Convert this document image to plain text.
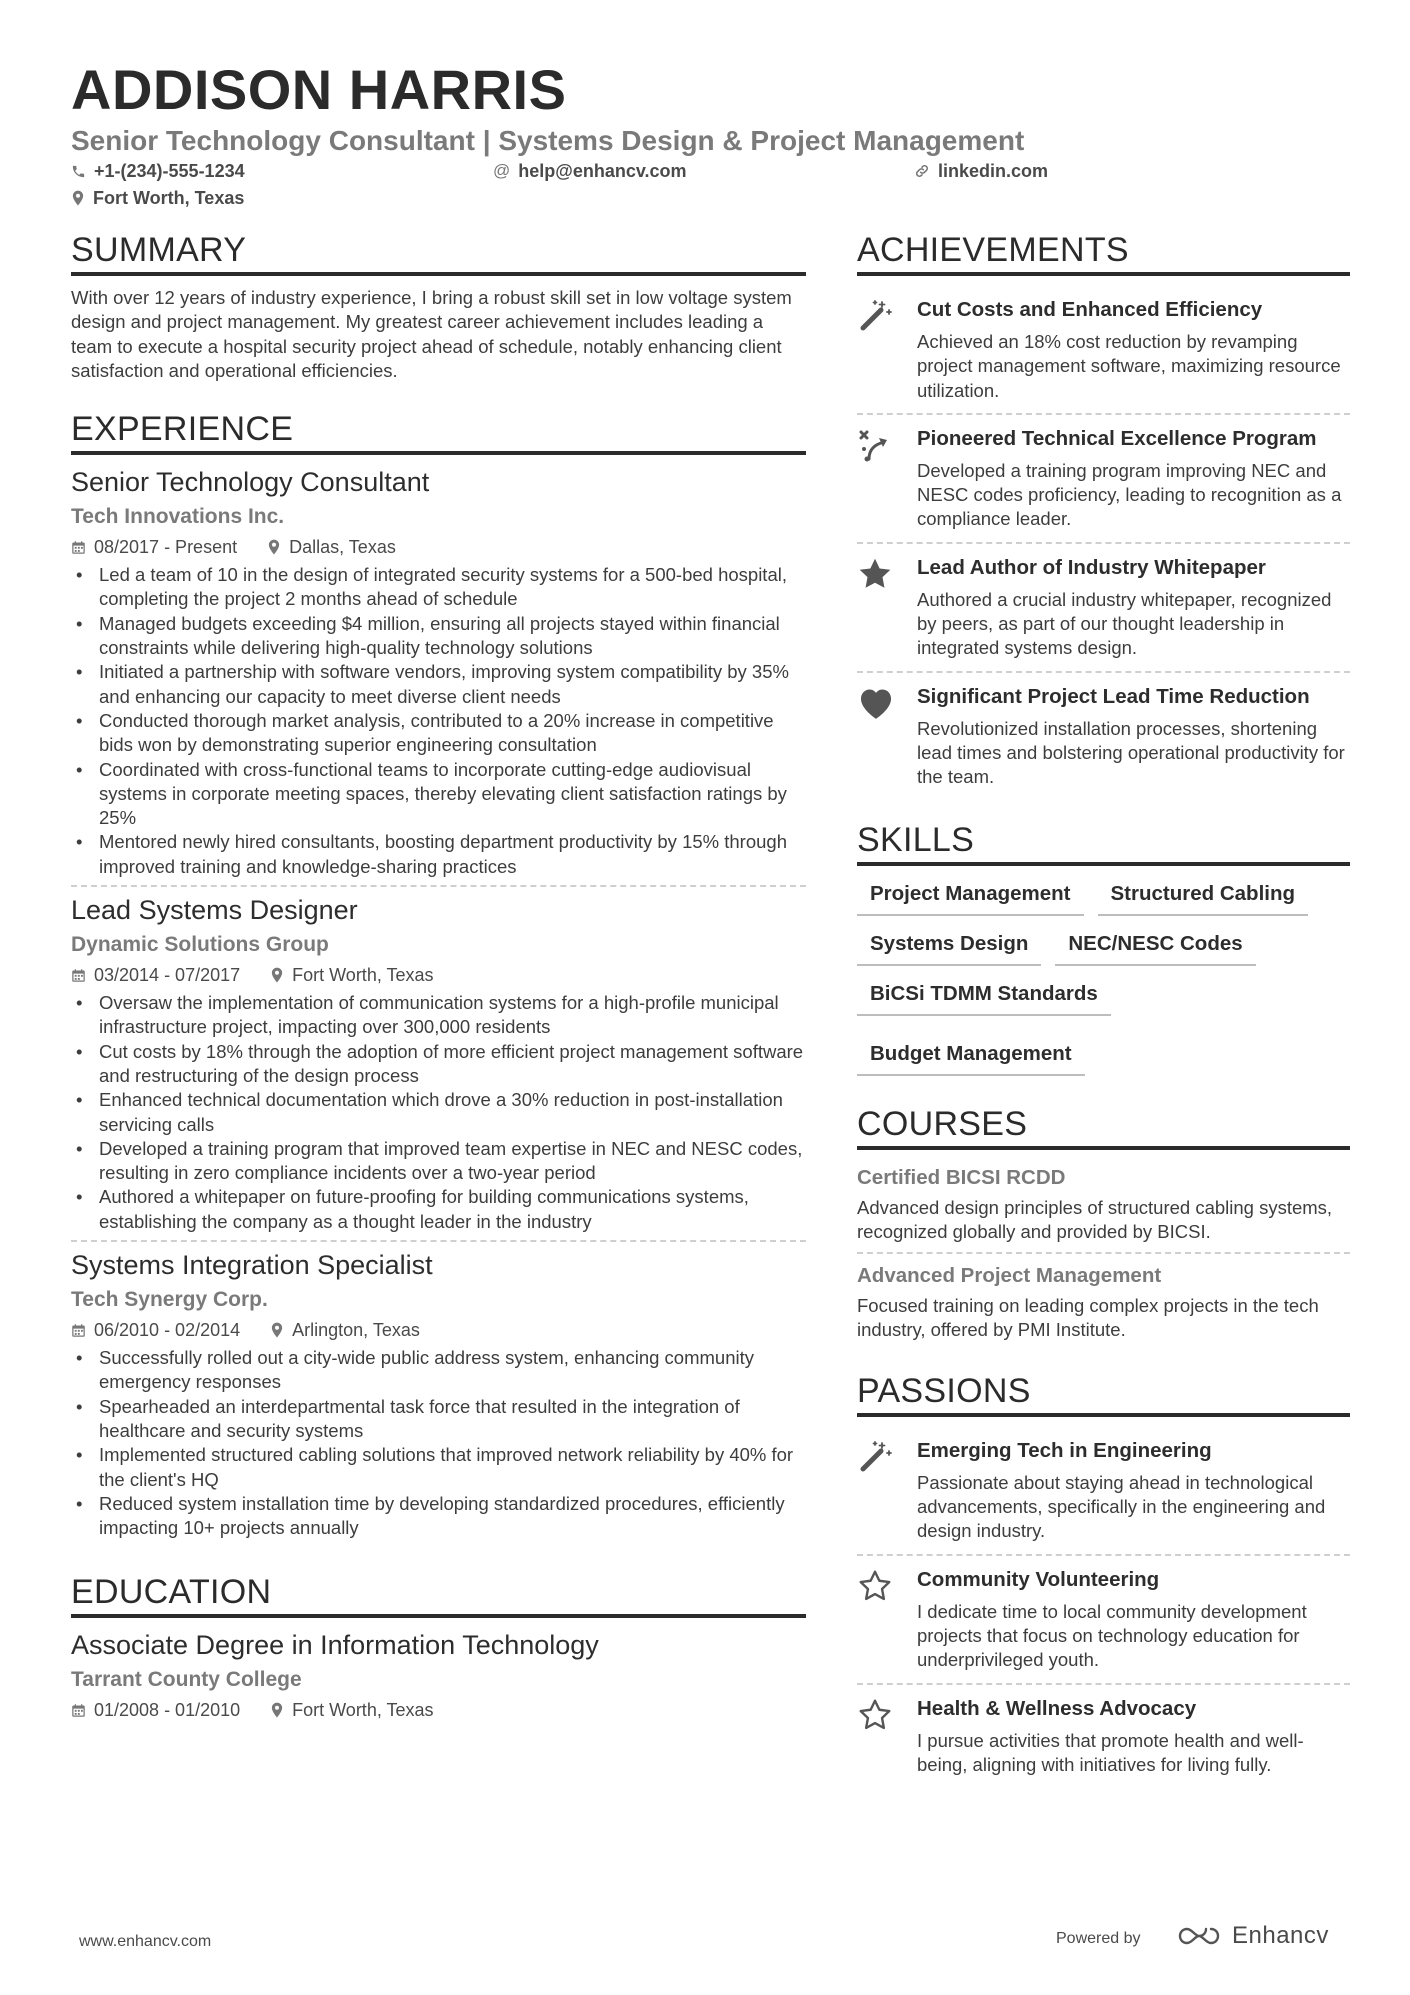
ADDISON HARRIS
Senior Technology Consultant | Systems Design & Project Management
+1-(234)-555-1234	@ help@enhancv.com	linkedin.com
Fort Worth, Texas
SUMMARY
With over 12 years of industry experience, I bring a robust skill set in low voltage system design and project management. My greatest career achievement includes leading a team to execute a hospital security project ahead of schedule, notably enhancing client satisfaction and operational efficiencies.
EXPERIENCE
Senior Technology Consultant
Tech Innovations Inc.
08/2017 - Present	Dallas, Texas
• Led a team of 10 in the design of integrated security systems for a 500-bed hospital, completing the project 2 months ahead of schedule
• Managed budgets exceeding $4 million, ensuring all projects stayed within financial constraints while delivering high-quality technology solutions
• Initiated a partnership with software vendors, improving system compatibility by 35% and enhancing our capacity to meet diverse client needs
• Conducted thorough market analysis, contributed to a 20% increase in competitive bids won by demonstrating superior engineering consultation
• Coordinated with cross-functional teams to incorporate cutting-edge audiovisual systems in corporate meeting spaces, thereby elevating client satisfaction ratings by 25%
• Mentored newly hired consultants, boosting department productivity by 15% through improved training and knowledge-sharing practices
Lead Systems Designer
Dynamic Solutions Group
03/2014 - 07/2017	Fort Worth, Texas
• Oversaw the implementation of communication systems for a high-profile municipal infrastructure project, impacting over 300,000 residents
• Cut costs by 18% through the adoption of more efficient project management software and restructuring of the design process
• Enhanced technical documentation which drove a 30% reduction in post-installation servicing calls
• Developed a training program that improved team expertise in NEC and NESC codes, resulting in zero compliance incidents over a two-year period
• Authored a whitepaper on future-proofing for building communications systems, establishing the company as a thought leader in the industry
Systems Integration Specialist
Tech Synergy Corp.
06/2010 - 02/2014	Arlington, Texas
• Successfully rolled out a city-wide public address system, enhancing community emergency responses
• Spearheaded an interdepartmental task force that resulted in the integration of healthcare and security systems
• Implemented structured cabling solutions that improved network reliability by 40% for the client's HQ
• Reduced system installation time by developing standardized procedures, efficiently impacting 10+ projects annually
EDUCATION
Associate Degree in Information Technology
Tarrant County College
01/2008 - 01/2010	Fort Worth, Texas
ACHIEVEMENTS
Cut Costs and Enhanced Efficiency
Achieved an 18% cost reduction by revamping project management software, maximizing resource utilization.
Pioneered Technical Excellence Program
Developed a training program improving NEC and NESC codes proficiency, leading to recognition as a compliance leader.
Lead Author of Industry Whitepaper
Authored a crucial industry whitepaper, recognized by peers, as part of our thought leadership in integrated systems design.
Significant Project Lead Time Reduction
Revolutionized installation processes, shortening lead times and bolstering operational productivity for the team.
SKILLS
Project Management	Structured Cabling
Systems Design	NEC/NESC Codes
BiCSi TDMM Standards
Budget Management
COURSES
Certified BICSI RCDD
Advanced design principles of structured cabling systems, recognized globally and provided by BICSI.
Advanced Project Management
Focused training on leading complex projects in the tech industry, offered by PMI Institute.
PASSIONS
Emerging Tech in Engineering
Passionate about staying ahead in technological advancements, specifically in the engineering and design industry.
Community Volunteering
I dedicate time to local community development projects that focus on technology education for underprivileged youth.
Health & Wellness Advocacy
I pursue activities that promote health and well-being, aligning with initiatives for living fully.
www.enhancv.com	Powered by	Enhancv
